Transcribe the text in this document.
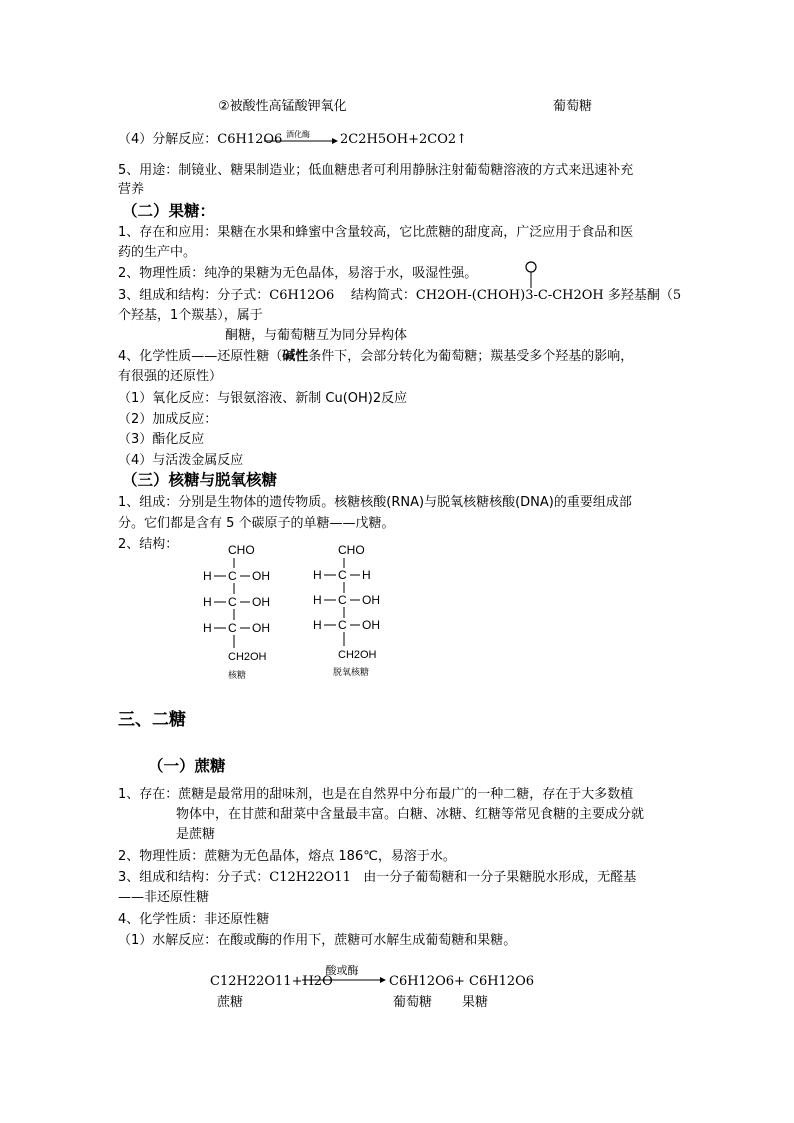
②被酸性高锰酸钾氧化	葡萄糖
（4）分解反应：C6H12O6 酒化酶 2C2H5OH+2CO2↑
5、用途：制镜业、糖果制造业；低血糖患者可利用静脉注射葡萄糖溶液的方式来迅速补充
营养
（二）果糖：
1、存在和应用：果糖在水果和蜂蜜中含量较高，它比蔗糖的甜度高，广泛应用于食品和医
药的生产中。
2、物理性质：纯净的果糖为无色晶体，易溶于水，吸湿性强。
3、组成和结构：分子式：C6H12O6 结构简式：CH2OH-(CHOH)3-C-CH2OH 多羟基酮（5
个羟基，1个羰基），属于
酮糖，与葡萄糖互为同分异构体
4、化学性质——还原性糖（碱性条件下，会部分转化为葡萄糖；羰基受多个羟基的影响，
有很强的还原性）
（1）氧化反应：与银氨溶液、新制 Cu(OH)2反应
（2）加成反应：
（3）酯化反应
（4）与活泼金属反应
（三）核糖与脱氧核糖
1、组成：分别是生物体的遗传物质。核糖核酸(RNA)与脱氧核糖核酸(DNA)的重要组成部
分。它们都是含有 5 个碳原子的单糖——戊糖。
2、结构：	CHO
H C OH
H C OH
H C OH
CH2OH
核糖
CHO
H C H
H C OH
H C OH
CH2OH
脱氧核糖
三、二糖
（一）蔗糖
1、存在：蔗糖是最常用的甜味剂，也是在自然界中分布最广的一种二糖，存在于大多数植
物体中，在甘蔗和甜菜中含量最丰富。白糖、冰糖、红糖等常见食糖的主要成分就
是蔗糖
2、物理性质：蔗糖为无色晶体，熔点 186℃，易溶于水。
3、组成和结构：分子式：C12H22O11 由一分子葡萄糖和一分子果糖脱水形成，无醛基
——非还原性糖
4、化学性质：非还原性糖
（1）水解反应：在酸或酶的作用下，蔗糖可水解生成葡萄糖和果糖。
C12H22O11+H2O
酸或酶
C6H12O6+ C6H12O6
蔗糖	葡萄糖 果糖
